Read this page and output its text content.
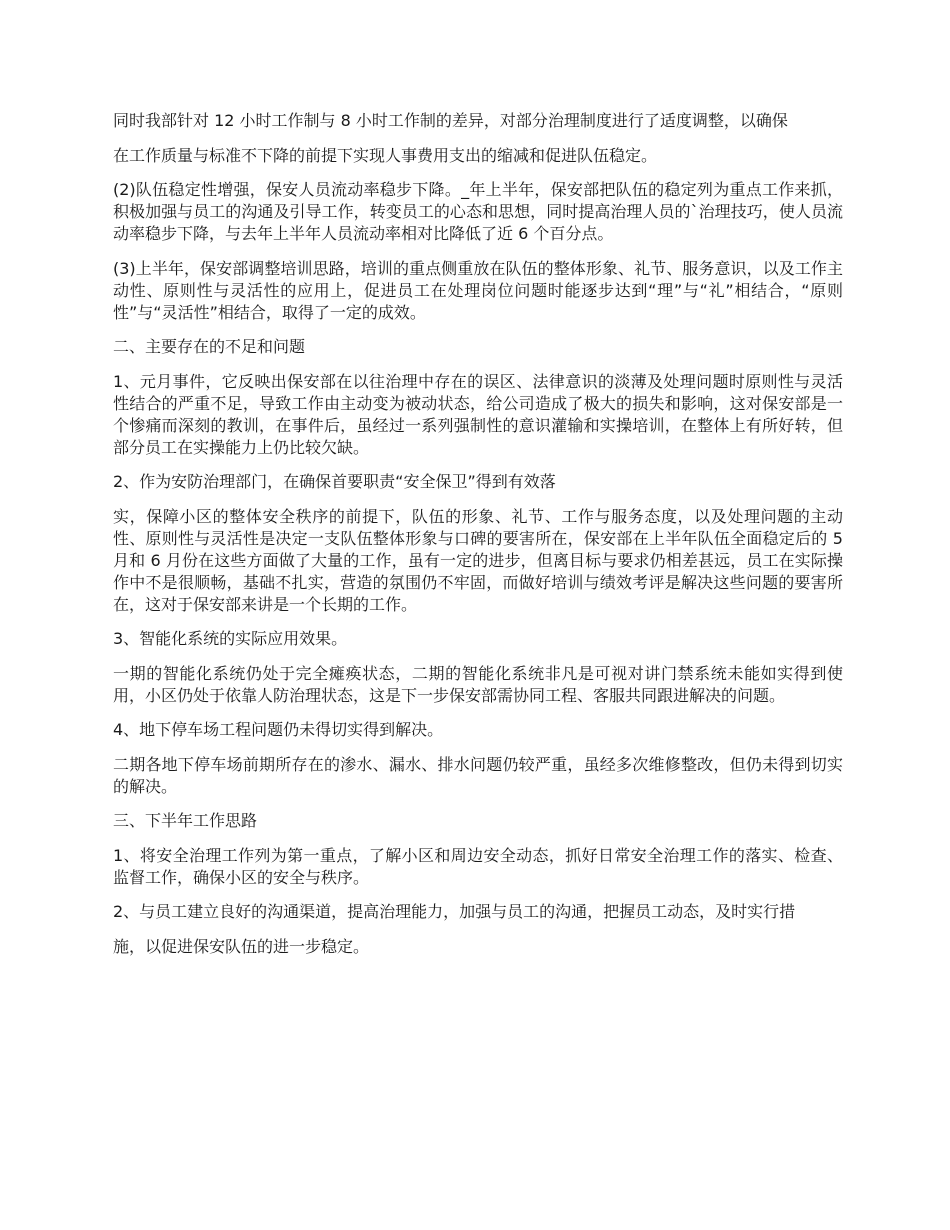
同时我部针对 12 小时工作制与 8 小时工作制的差异，对部分治理制度进行了适度调整，以确保

在工作质量与标准不下降的前提下实现人事费用支出的缩减和促进队伍稳定。

(2)队伍稳定性增强，保安人员流动率稳步下降。_年上半年，保安部把队伍的稳定列为重点工作来抓，积极加强与员工的沟通及引导工作，转变员工的心态和思想，同时提高治理人员的`治理技巧，使人员流动率稳步下降，与去年上半年人员流动率相对比降低了近 6 个百分点。

(3)上半年，保安部调整培训思路，培训的重点侧重放在队伍的整体形象、礼节、服务意识，以及工作主动性、原则性与灵活性的应用上，促进员工在处理岗位问题时能逐步达到“理”与“礼”相结合，“原则性”与“灵活性”相结合，取得了一定的成效。

二、主要存在的不足和问题

1、元月事件，它反映出保安部在以往治理中存在的误区、法律意识的淡薄及处理问题时原则性与灵活性结合的严重不足，导致工作由主动变为被动状态，给公司造成了极大的损失和影响，这对保安部是一个惨痛而深刻的教训，在事件后，虽经过一系列强制性的意识灌输和实操培训，在整体上有所好转，但部分员工在实操能力上仍比较欠缺。

2、作为安防治理部门，在确保首要职责“安全保卫”得到有效落

实，保障小区的整体安全秩序的前提下，队伍的形象、礼节、工作与服务态度，以及处理问题的主动性、原则性与灵活性是决定一支队伍整体形象与口碑的要害所在，保安部在上半年队伍全面稳定后的 5 月和 6 月份在这些方面做了大量的工作，虽有一定的进步，但离目标与要求仍相差甚远，员工在实际操作中不是很顺畅，基础不扎实，营造的氛围仍不牢固，而做好培训与绩效考评是解决这些问题的要害所在，这对于保安部来讲是一个长期的工作。

3、智能化系统的实际应用效果。

一期的智能化系统仍处于完全瘫痪状态，二期的智能化系统非凡是可视对讲门禁系统未能如实得到使用，小区仍处于依靠人防治理状态，这是下一步保安部需协同工程、客服共同跟进解决的问题。

4、地下停车场工程问题仍未得切实得到解决。

二期各地下停车场前期所存在的渗水、漏水、排水问题仍较严重，虽经多次维修整改，但仍未得到切实的解决。

三、下半年工作思路

1、将安全治理工作列为第一重点，了解小区和周边安全动态，抓好日常安全治理工作的落实、检查、监督工作，确保小区的安全与秩序。

2、与员工建立良好的沟通渠道，提高治理能力，加强与员工的沟通，把握员工动态，及时实行措

施，以促进保安队伍的进一步稳定。
